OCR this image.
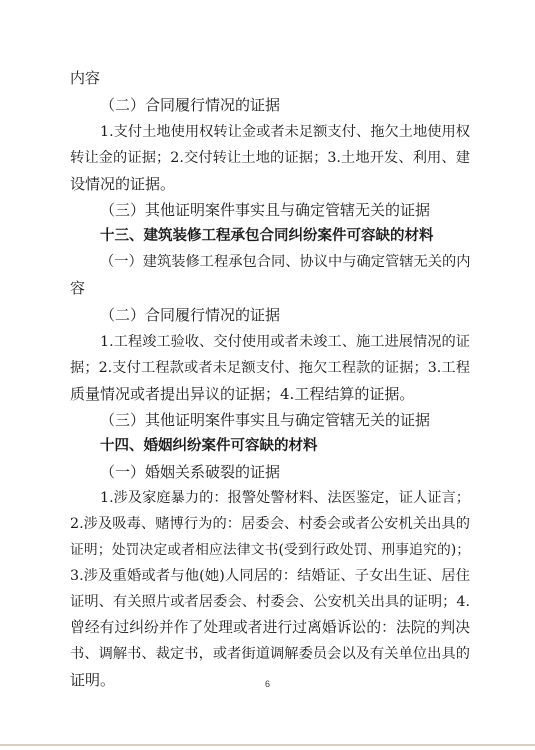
内容
（二）合同履行情况的证据
1.支付土地使用权转让金或者未足额支付、拖欠土地使用权
转让金的证据；2.交付转让土地的证据；3.土地开发、利用、建
设情况的证据。
（三）其他证明案件事实且与确定管辖无关的证据
十三、建筑装修工程承包合同纠纷案件可容缺的材料
（一）建筑装修工程承包合同、协议中与确定管辖无关的内
容
（二）合同履行情况的证据
1.工程竣工验收、交付使用或者未竣工、施工进展情况的证
据；2.支付工程款或者未足额支付、拖欠工程款的证据；3.工程
质量情况或者提出异议的证据；4.工程结算的证据。
（三）其他证明案件事实且与确定管辖无关的证据
十四、婚姻纠纷案件可容缺的材料
（一）婚姻关系破裂的证据
1.涉及家庭暴力的：报警处警材料、法医鉴定，证人证言；
2.涉及吸毒、赌博行为的：居委会、村委会或者公安机关出具的
证明；处罚决定或者相应法律文书(受到行政处罚、刑事追究的)；
3.涉及重婚或者与他(她)人同居的：结婚证、子女出生证、居住
证明、有关照片或者居委会、村委会、公安机关出具的证明；4.
曾经有过纠纷并作了处理或者进行过离婚诉讼的：法院的判决
书、调解书、裁定书，或者街道调解委员会以及有关单位出具的
证明。	6
